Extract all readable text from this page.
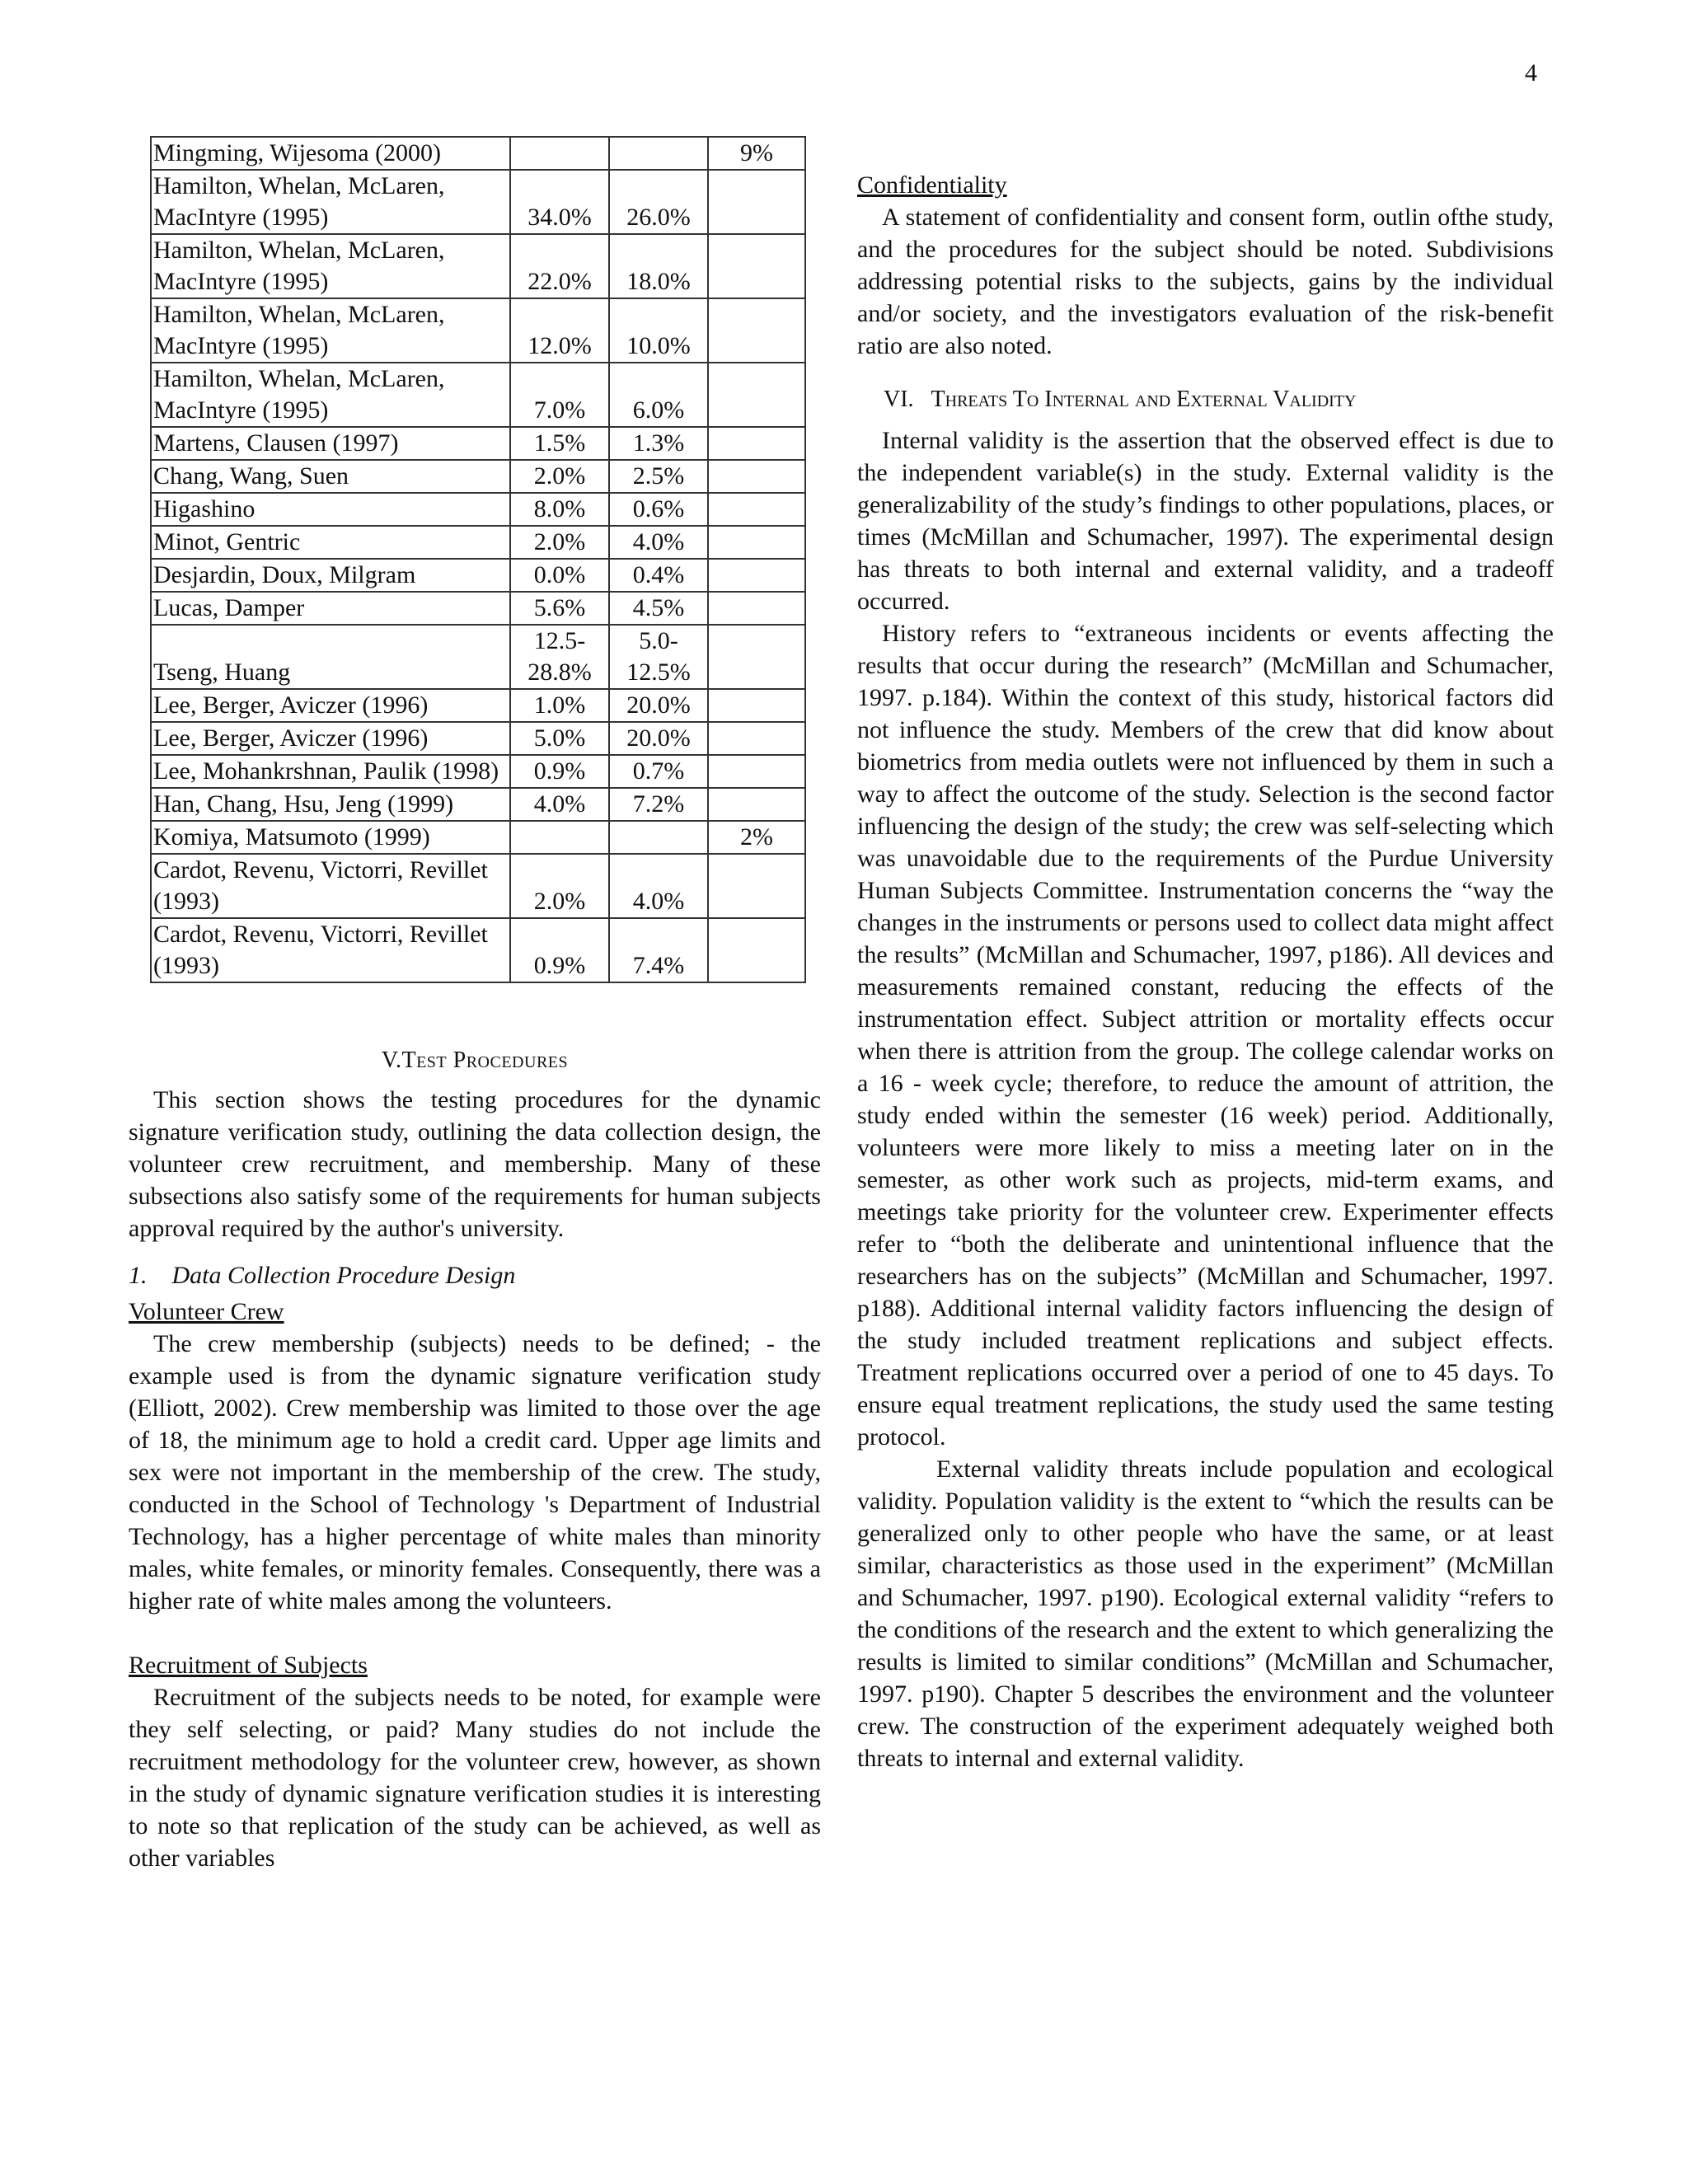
4
Mingming, Wijesoma (2000)			9%
Hamilton, Whelan, McLaren, MacIntyre (1995)	34.0%	26.0%	
Hamilton, Whelan, McLaren, MacIntyre (1995)	22.0%	18.0%	
Hamilton, Whelan, McLaren, MacIntyre (1995)	12.0%	10.0%	
Hamilton, Whelan, McLaren, MacIntyre (1995)	7.0%	6.0%	
Martens, Clausen (1997)	1.5%	1.3%	
Chang, Wang, Suen	2.0%	2.5%	
Higashino	8.0%	0.6%	
Minot, Gentric	2.0%	4.0%	
Desjardin, Doux, Milgram	0.0%	0.4%	
Lucas, Damper	5.6%	4.5%	
Tseng, Huang	12.5- 28.8%	5.0- 12.5%	
Lee, Berger, Aviczer (1996)	1.0%	20.0%	
Lee, Berger, Aviczer (1996)	5.0%	20.0%	
Lee, Mohankrshnan, Paulik (1998)	0.9%	0.7%	
Han, Chang, Hsu, Jeng (1999)	4.0%	7.2%	
Komiya, Matsumoto (1999)			2%
Cardot, Revenu, Victorri, Revillet (1993)	2.0%	4.0%	
Cardot, Revenu, Victorri, Revillet (1993)	0.9%	7.4%	
V.Test Procedures

This section shows the testing procedures for the dynamic signature verification study, outlining the data collection design, the volunteer crew recruitment, and membership. Many of these subsections also satisfy some of the requirements for human subjects approval required by the author's university.

1. Data Collection Procedure Design
Volunteer Crew

The crew membership (subjects) needs to be defined; - the example used is from the dynamic signature verification study (Elliott, 2002). Crew membership was limited to those over the age of 18, the minimum age to hold a credit card. Upper age limits and sex were not important in the membership of the crew. The study, conducted in the School of Technology 's Department of Industrial Technology, has a higher percentage of white males than minority males, white females, or minority females. Consequently, there was a higher rate of white males among the volunteers.

Recruitment of Subjects

Recruitment of the subjects needs to be noted, for example were they self selecting, or paid? Many studies do not include the recruitment methodology for the volunteer crew, however, as shown in the study of dynamic signature verification studies it is interesting to note so that replication of the study can be achieved, as well as other variables

Confidentiality

A statement of confidentiality and consent form, outlin ofthe study, and the procedures for the subject should be noted. Subdivisions addressing potential risks to the subjects, gains by the individual and/or society, and the investigators evaluation of the risk-benefit ratio are also noted.

VI. Threats To Internal and External Validity

Internal validity is the assertion that the observed effect is due to the independent variable(s) in the study. External validity is the generalizability of the study’s findings to other populations, places, or times (McMillan and Schumacher, 1997). The experimental design has threats to both internal and external validity, and a tradeoff occurred.

History refers to “extraneous incidents or events affecting the results that occur during the research” (McMillan and Schumacher, 1997. p.184). Within the context of this study, historical factors did not influence the study. Members of the crew that did know about biometrics from media outlets were not influenced by them in such a way to affect the outcome of the study. Selection is the second factor influencing the design of the study; the crew was self-selecting which was unavoidable due to the requirements of the Purdue University Human Subjects Committee. Instrumentation concerns the “way the changes in the instruments or persons used to collect data might affect the results” (McMillan and Schumacher, 1997, p186). All devices and measurements remained constant, reducing the effects of the instrumentation effect. Subject attrition or mortality effects occur when there is attrition from the group. The college calendar works on a 16 - week cycle; therefore, to reduce the amount of attrition, the study ended within the semester (16 week) period. Additionally, volunteers were more likely to miss a meeting later on in the semester, as other work such as projects, mid-term exams, and meetings take priority for the volunteer crew. Experimenter effects refer to “both the deliberate and unintentional influence that the researchers has on the subjects” (McMillan and Schumacher, 1997. p188). Additional internal validity factors influencing the design of the study included treatment replications and subject effects. Treatment replications occurred over a period of one to 45 days. To ensure equal treatment replications, the study used the same testing protocol.

External validity threats include population and ecological validity. Population validity is the extent to “which the results can be generalized only to other people who have the same, or at least similar, characteristics as those used in the experiment” (McMillan and Schumacher, 1997. p190). Ecological external validity “refers to the conditions of the research and the extent to which generalizing the results is limited to similar conditions” (McMillan and Schumacher, 1997. p190). Chapter 5 describes the environment and the volunteer crew. The construction of the experiment adequately weighed both threats to internal and external validity.
